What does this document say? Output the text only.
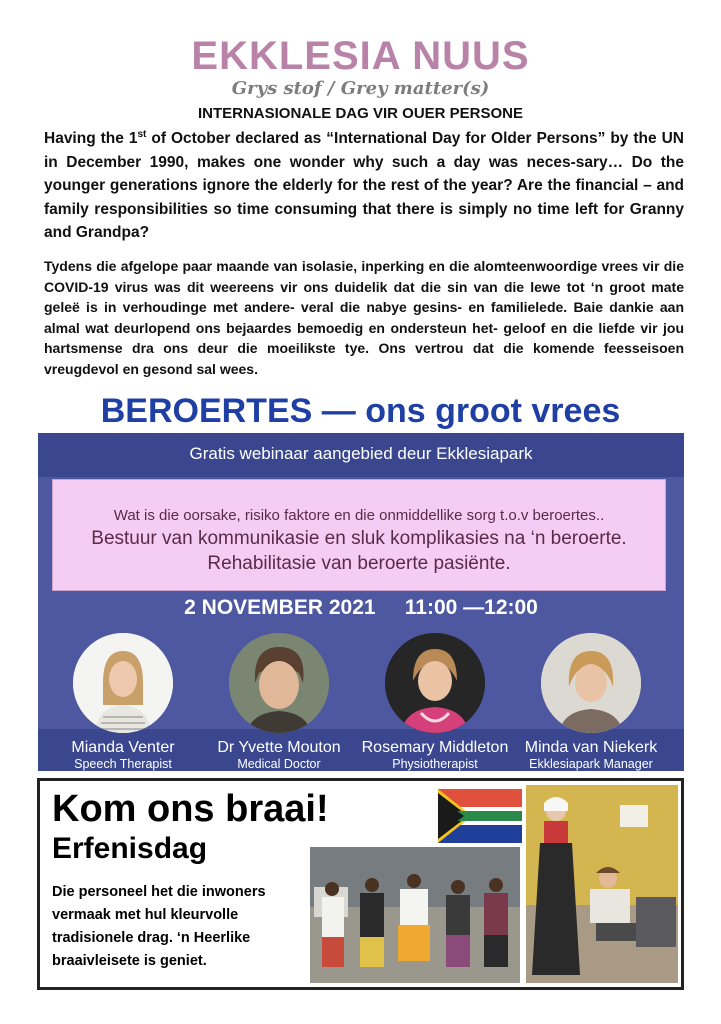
EKKLESIA NUUS
Grys stof / Grey matter(s)
INTERNASIONALE DAG VIR OUER PERSONE
Having the 1st of October declared as “International Day for Older Persons” by the UN in December 1990, makes one wonder why such a day was neces-sary… Do the younger generations ignore the elderly for the rest of the year? Are the financial – and family responsibilities so time consuming that there is simply no time left for Granny and Grandpa?
Tydens die afgelope paar maande van isolasie, inperking en die alomteenwoordige vrees vir die COVID-19 virus was dit weereens vir ons duidelik dat die sin van die lewe tot ‘n groot mate geleë is in verhoudinge met andere- veral die nabye gesins- en familielede. Baie dankie aan almal wat deurlopend ons bejaardes bemoedig en ondersteun het- geloof en die liefde vir jou hartsmense dra ons deur die moeilikste tye. Ons vertrou dat die komende feesseisoen vreugdevol en gesond sal wees.
BEROERTES — ons groot vrees
Gratis webinaar aangebied deur Ekklesiapark
Wat is die oorsake, risiko faktore en die onmiddellike sorg t.o.v beroertes..
Bestuur van kommunikasie en sluk komplikasies na ‘n beroerte.
Rehabilitasie van beroerte pasiënte.
2 NOVEMBER 2021 11:00 —12:00
Mianda Venter
Speech Therapist
Dr Yvette Mouton
Medical Doctor
Rosemary Middleton
Physiotherapist
Minda van Niekerk
Ekklesiapark Manager
Kom ons braai!
Erfenisdag
Die personeel het die inwoners vermaak met hul kleurvolle tradisionele drag. ‘n Heerlike braaivleisete is geniet.
